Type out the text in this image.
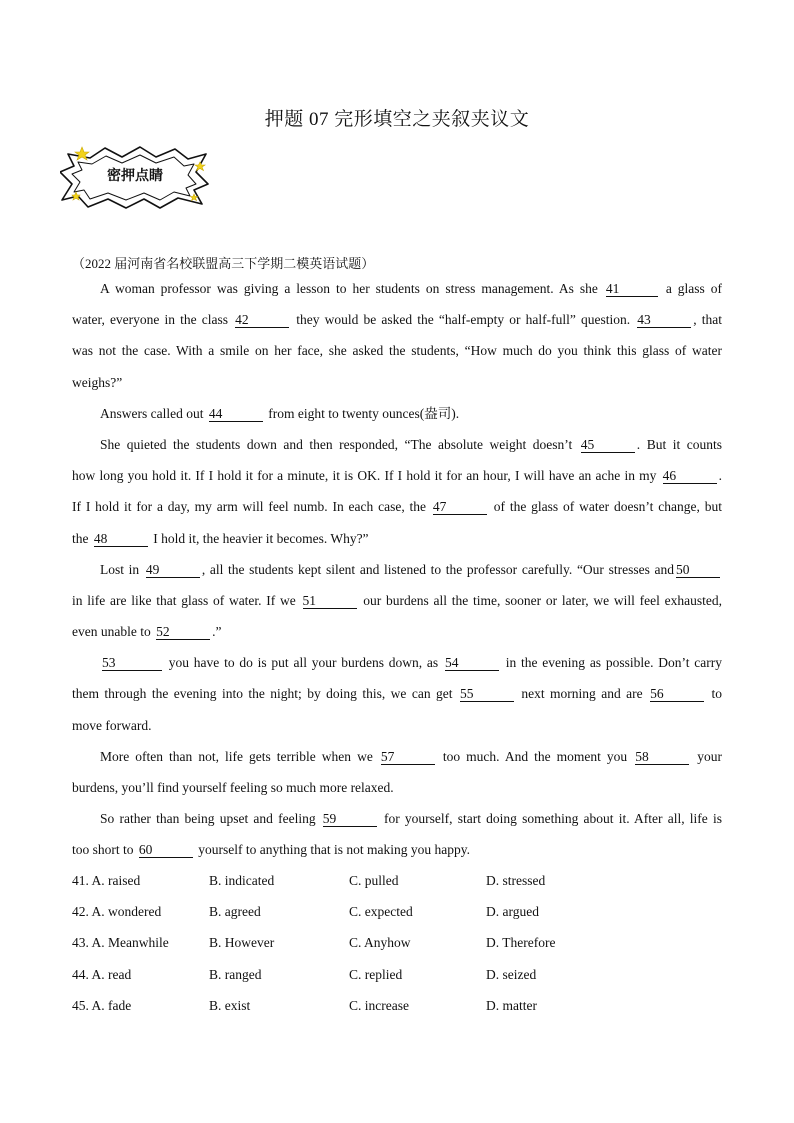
押题 07 完形填空之夹叙夹议文
密押点睛
（2022 届河南省名校联盟高三下学期二模英语试题）
A woman professor was giving a lesson to her students on stress management. As she 41	a glass of
water, everyone in the class 42	they would be asked the “half-empty or half-full” question. 43	, that
was not the case. With a smile on her face, she asked the students, “How much do you think this glass of water
weighs?”
Answers called out 44	from eight to twenty ounces(盎司).
She quieted the students down and then responded, “The absolute weight doesn’t 45	. But it counts
how long you hold it. If I hold it for a minute, it is OK. If I hold it for an hour, I will have an ache in my 46	.
If I hold it for a day, my arm will feel numb. In each case, the 47	of the glass of water doesn’t change, but
the 48	I hold it, the heavier it becomes. Why?”
Lost in 49	, all the students kept silent and listened to the professor carefully. “Our stresses and 50
in life are like that glass of water. If we 51	our burdens all the time, sooner or later, we will feel exhausted,
even unable to 52	.”
53	you have to do is put all your burdens down, as 54	in the evening as possible. Don’t carry
them through the evening into the night; by doing this, we can get 55	next morning and are 56	to
move forward.
More often than not, life gets terrible when we 57	too much. And the moment you 58	your
burdens, you’ll find yourself feeling so much more relaxed.
So rather than being upset and feeling 59	for yourself, start doing something about it. After all, life is
too short to 60	yourself to anything that is not making you happy.
41. A. raised	B. indicated	C. pulled	D. stressed
42. A. wondered	B. agreed	C. expected	D. argued
43. A. Meanwhile	B. However	C. Anyhow	D. Therefore
44. A. read	B. ranged	C. replied	D. seized
45. A. fade	B. exist	C. increase	D. matter
